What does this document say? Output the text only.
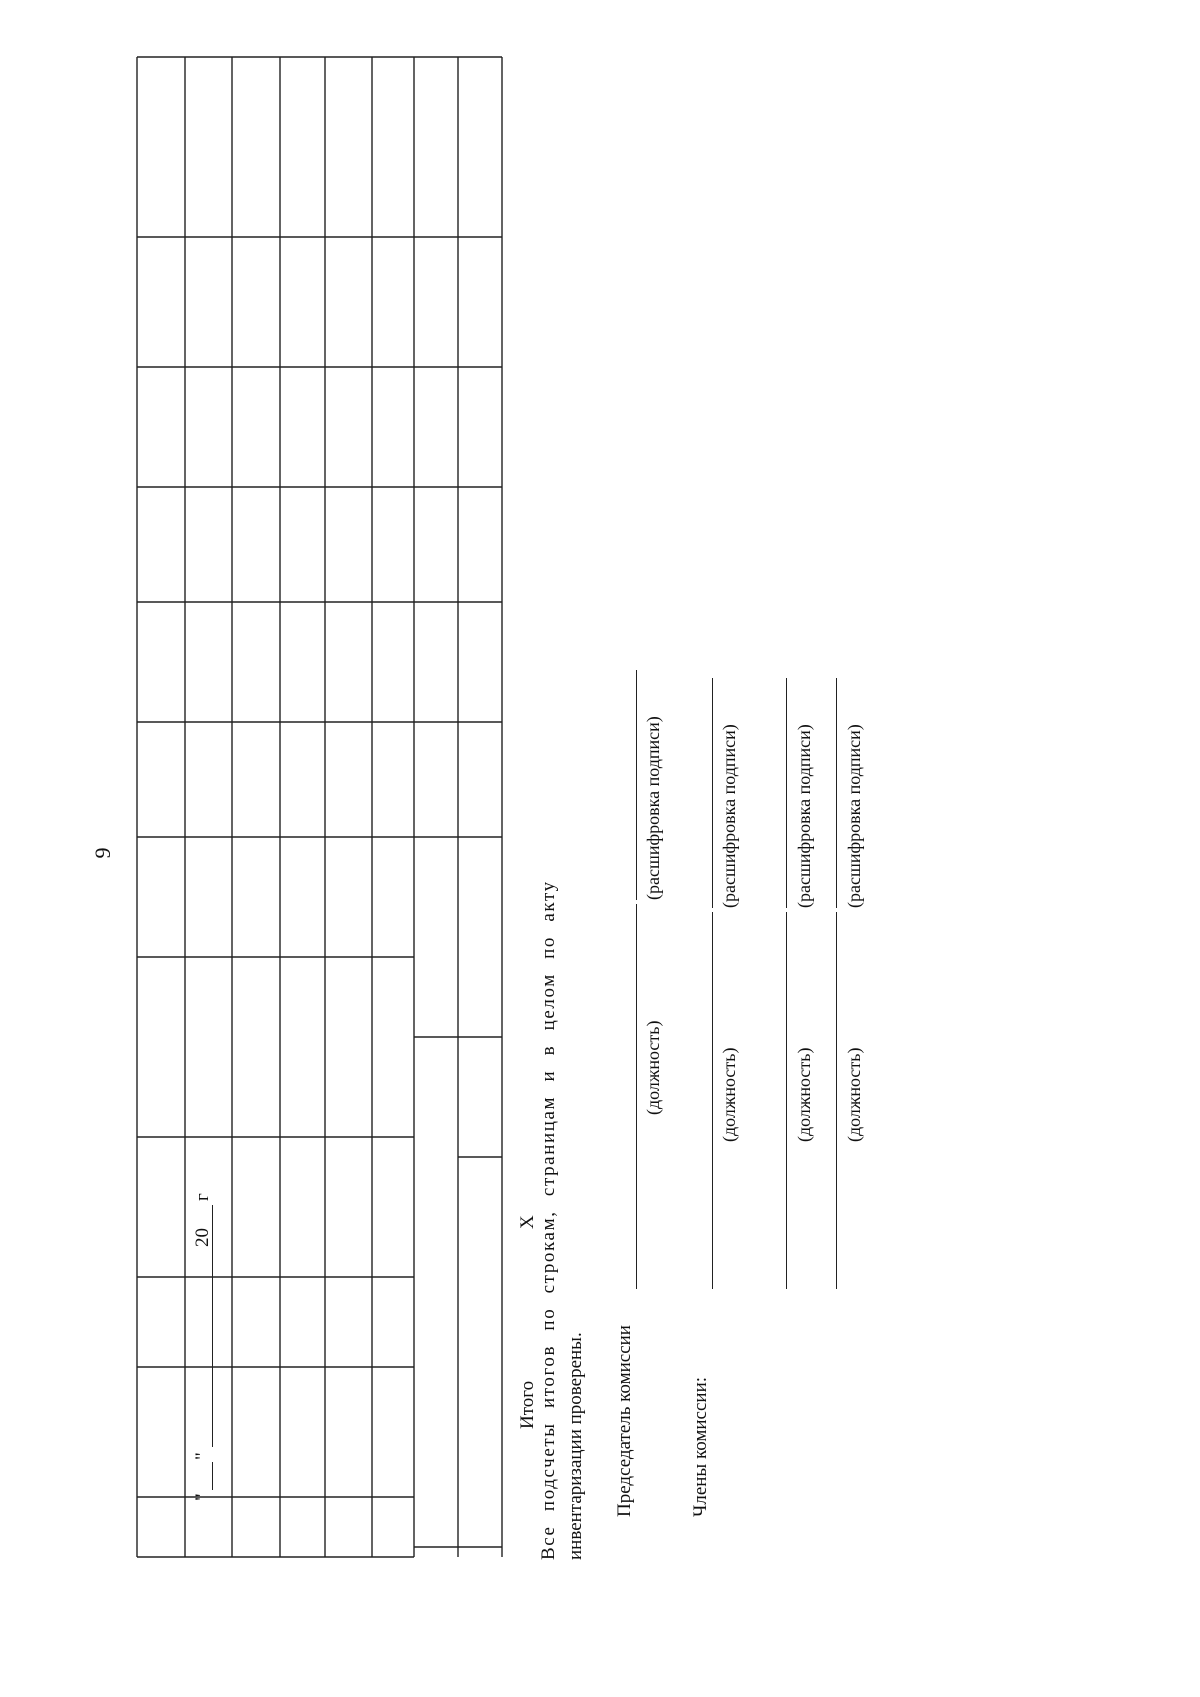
9
Итого
Х Все подсчеты итогов по строкам, страницам и в целом по акту инвентаризации проверены. Председатель комиссии
(должность)
(расшифровка подписи)
Члены комиссии:
(должность)
(расшифровка подписи)
(должность)
(расшифровка подписи)
(должность)
(расшифровка подписи)
"
"
20
г
